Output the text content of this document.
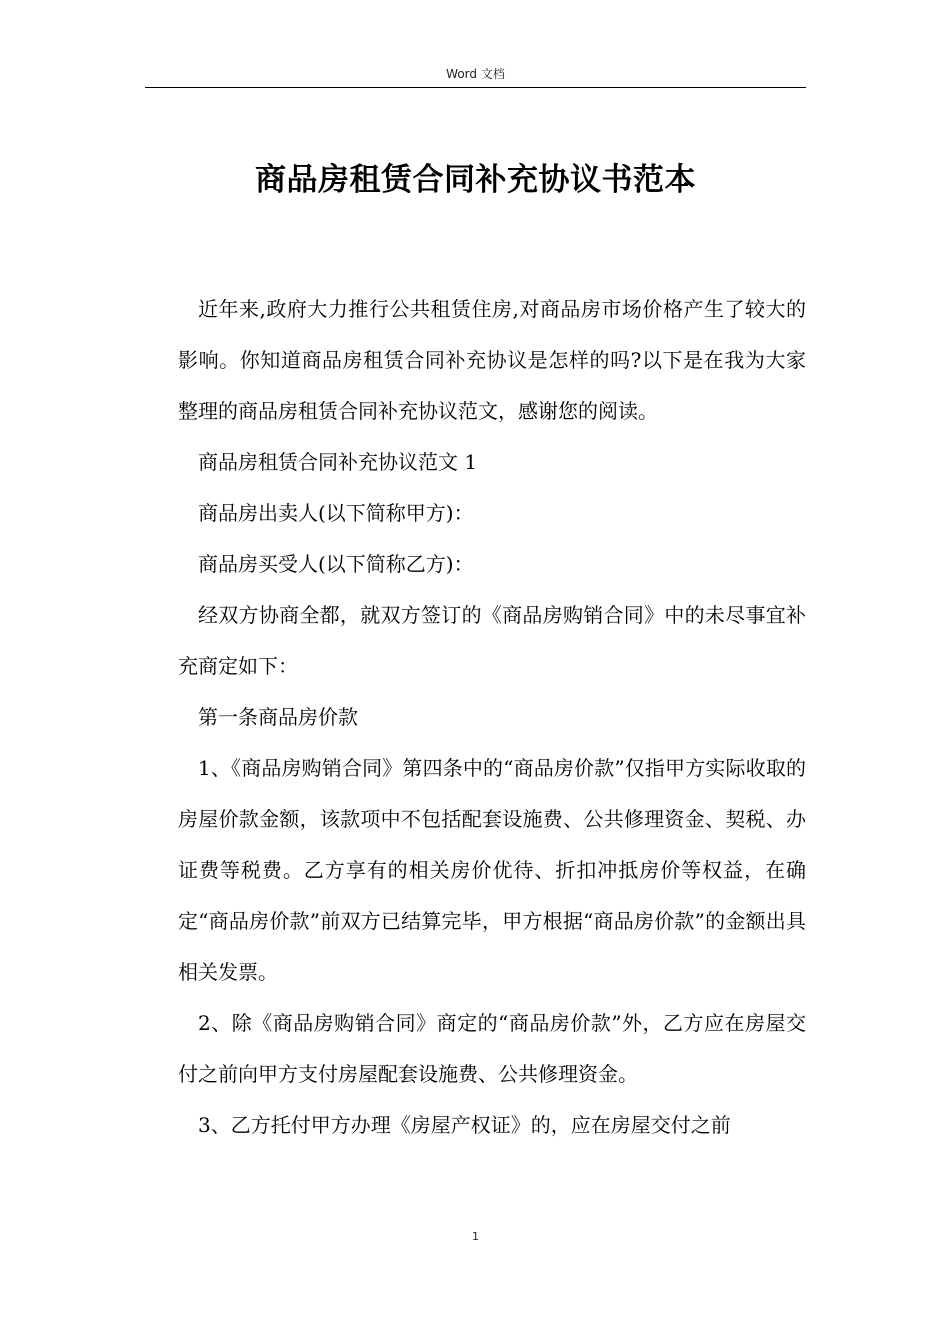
Word 文档
商品房租赁合同补充协议书范本

近年来,政府大力推行公共租赁住房,对商品房市场价格产生了较大的影响。你知道商品房租赁合同补充协议是怎样的吗?以下是在我为大家整理的商品房租赁合同补充协议范文，感谢您的阅读。

商品房租赁合同补充协议范文 1

商品房出卖人(以下简称甲方)：

商品房买受人(以下简称乙方)：

经双方协商全都，就双方签订的《商品房购销合同》中的未尽事宜补充商定如下：

第一条商品房价款

1、《商品房购销合同》第四条中的“商品房价款”仅指甲方实际收取的房屋价款金额，该款项中不包括配套设施费、公共修理资金、契税、办证费等税费。乙方享有的相关房价优待、折扣冲抵房价等权益，在确定“商品房价款”前双方已结算完毕，甲方根据“商品房价款”的金额出具相关发票。

2、除《商品房购销合同》商定的“商品房价款”外，乙方应在房屋交付之前向甲方支付房屋配套设施费、公共修理资金。

3、乙方托付甲方办理《房屋产权证》的，应在房屋交付之前

1
